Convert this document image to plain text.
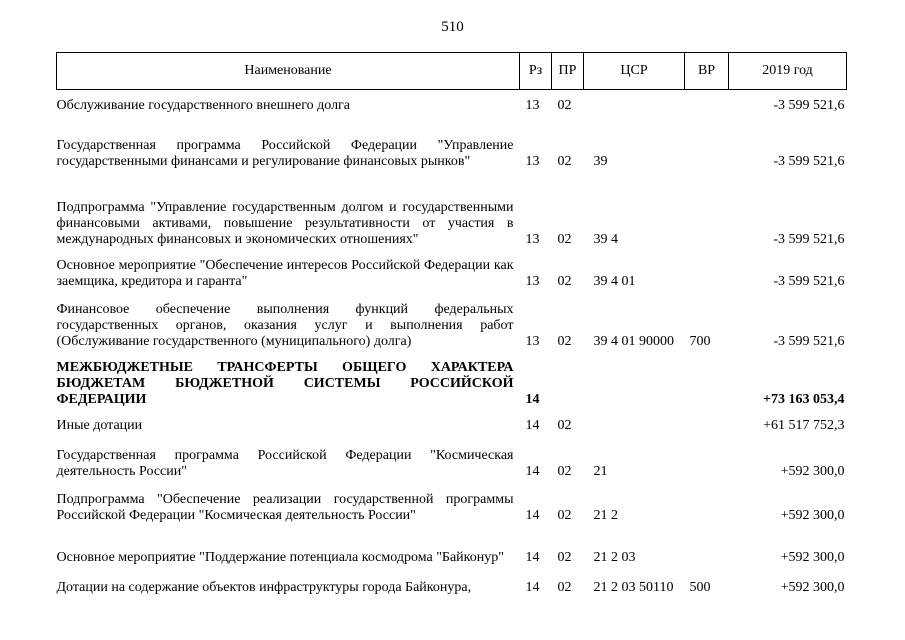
510
Наименование	Рз	ПР	ЦСР	ВР	2019 год
Обслуживание государственного внешнего долга	13	02			-3 599 521,6
Государственная программа Российской Федерации "Управление государственными финансами и регулирование финансовых рынков"	13	02	39		-3 599 521,6
Подпрограмма "Управление государственным долгом и государственными финансовыми активами, повышение результативности от участия в международных финансовых и экономических отношениях"	13	02	39 4		-3 599 521,6
Основное мероприятие "Обеспечение интересов Российской Федерации как заемщика, кредитора и гаранта"	13	02	39 4 01		-3 599 521,6
Финансовое обеспечение выполнения функций федеральных государственных органов, оказания услуг и выполнения работ (Обслуживание государственного (муниципального) долга)	13	02	39 4 01 90000	700	-3 599 521,6
МЕЖБЮДЖЕТНЫЕ ТРАНСФЕРТЫ ОБЩЕГО ХАРАКТЕРА БЮДЖЕТАМ БЮДЖЕТНОЙ СИСТЕМЫ РОССИЙСКОЙ ФЕДЕРАЦИИ	14				+73 163 053,4
Иные дотации	14	02			+61 517 752,3
Государственная программа Российской Федерации "Космическая деятельность России"	14	02	21		+592 300,0
Подпрограмма "Обеспечение реализации государственной программы Российской Федерации "Космическая деятельность России"	14	02	21 2		+592 300,0
Основное мероприятие "Поддержание потенциала космодрома "Байконур"	14	02	21 2 03		+592 300,0
Дотации на содержание объектов инфраструктуры города Байконура,	14	02	21 2 03 50110	500	+592 300,0
